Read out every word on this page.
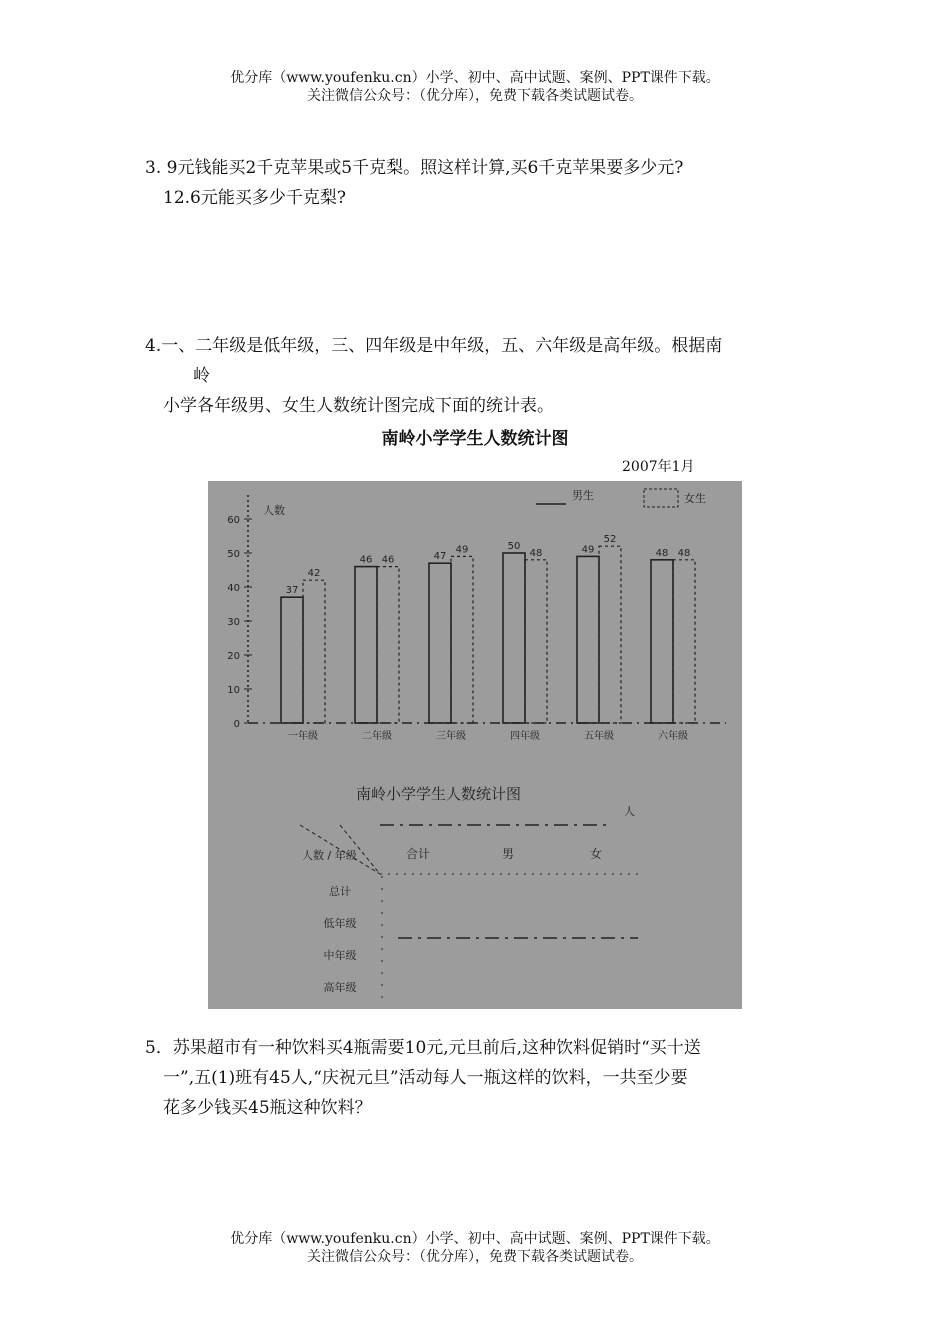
优分库（www.youfenku.cn）小学、初中、高中试题、案例、PPT课件下载。
关注微信公众号：（优分库），免费下载各类试题试卷。
3. 9元钱能买2千克苹果或5千克梨。照这样计算,买6千克苹果要多少元?
12.6元能买多少千克梨?
4.一、二年级是低年级，三、四年级是中年级，五、六年级是高年级。根据南
岭
小学各年级男、女生人数统计图完成下面的统计表。
南岭小学学生人数统计图
2007年1月
人数
0
10
20
30
40
50
60
37
42
46 46	47
49	50
48	49
52
48 48
一年级	二年级	三年级	四年级	五年级	六年级
男生	女生
南岭小学学生人数统计图
人
人数 / 年级	合计	男	女
总计
低年级
中年级
高年级
5．苏果超市有一种饮料买4瓶需要10元,元旦前后,这种饮料促销时“买十送
一”,五(1)班有45人,“庆祝元旦”活动每人一瓶这样的饮料，一共至少要
花多少钱买45瓶这种饮料？
优分库（www.youfenku.cn）小学、初中、高中试题、案例、PPT课件下载。
关注微信公众号：（优分库），免费下载各类试题试卷。
